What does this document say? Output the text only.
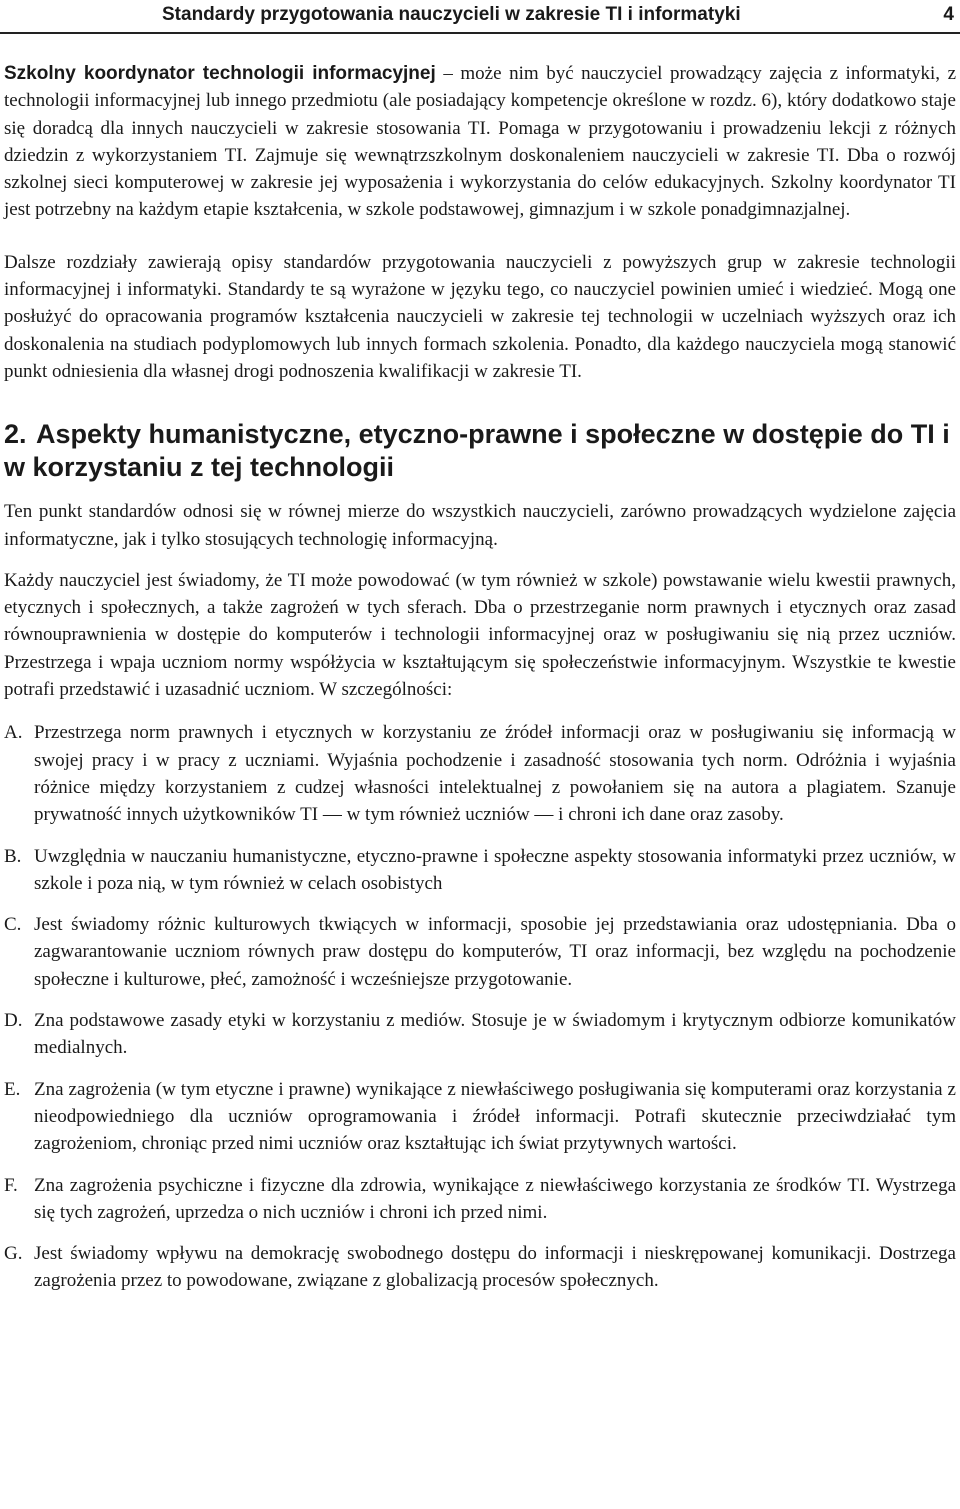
Standardy przygotowania nauczycieli w zakresie TI i informatyki	4

Szkolny koordynator technologii informacyjnej – może nim być nauczyciel prowadzący zajęcia z informatyki, z technologii informacyjnej lub innego przedmiotu (ale posiadający kompetencje określone w rozdz. 6), który dodatkowo staje się doradcą dla innych nauczycieli w zakresie stosowania TI. Pomaga w przygotowaniu i prowadzeniu lekcji z różnych dziedzin z wykorzystaniem TI. Zajmuje się wewnątrzszkolnym doskonaleniem nauczycieli w zakresie TI. Dba o rozwój szkolnej sieci komputerowej w zakresie jej wyposażenia i wykorzystania do celów edukacyjnych. Szkolny koordynator TI jest potrzebny na każdym etapie kształcenia, w szkole podstawowej, gimnazjum i w szkole ponadgimnazjalnej.

Dalsze rozdziały zawierają opisy standardów przygotowania nauczycieli z powyższych grup w zakresie technologii informacyjnej i informatyki. Standardy te są wyrażone w języku tego, co nauczyciel powinien umieć i wiedzieć. Mogą one posłużyć do opracowania programów kształcenia nauczycieli w zakresie tej technologii w uczelniach wyższych oraz ich doskonalenia na studiach podyplomowych lub innych formach szkolenia. Ponadto, dla każdego nauczyciela mogą stanowić punkt odniesienia dla własnej drogi podnoszenia kwalifikacji w zakresie TI.

2. Aspekty humanistyczne, etyczno-prawne i społeczne w dostępie do TI i w korzystaniu z tej technologii

Ten punkt standardów odnosi się w równej mierze do wszystkich nauczycieli, zarówno prowadzących wydzielone zajęcia informatyczne, jak i tylko stosujących technologię informacyjną.

Każdy nauczyciel jest świadomy, że TI może powodować (w tym również w szkole) powstawanie wielu kwestii prawnych, etycznych i społecznych, a także zagrożeń w tych sferach. Dba o przestrzeganie norm prawnych i etycznych oraz zasad równouprawnienia w dostępie do komputerów i technologii informacyjnej oraz w posługiwaniu się nią przez uczniów. Przestrzega i wpaja uczniom normy współżycia w kształtującym się społeczeństwie informacyjnym. Wszystkie te kwestie potrafi przedstawić i uzasadnić uczniom. W szczególności:

A. Przestrzega norm prawnych i etycznych w korzystaniu ze źródeł informacji oraz w posługiwaniu się informacją w swojej pracy i w pracy z uczniami. Wyjaśnia pochodzenie i zasadność stosowania tych norm. Odróżnia i wyjaśnia różnice między korzystaniem z cudzej własności intelektualnej z powołaniem się na autora a plagiatem. Szanuje prywatność innych użytkowników TI — w tym również uczniów — i chroni ich dane oraz zasoby.
B. Uwzględnia w nauczaniu humanistyczne, etyczno-prawne i społeczne aspekty stosowania informatyki przez uczniów, w szkole i poza nią, w tym również w celach osobistych
C. Jest świadomy różnic kulturowych tkwiących w informacji, sposobie jej przedstawiania oraz udostępniania. Dba o zagwarantowanie uczniom równych praw dostępu do komputerów, TI oraz informacji, bez względu na pochodzenie społeczne i kulturowe, płeć, zamożność i wcześniejsze przygotowanie.
D. Zna podstawowe zasady etyki w korzystaniu z mediów. Stosuje je w świadomym i krytycznym odbiorze komunikatów medialnych.
E. Zna zagrożenia (w tym etyczne i prawne) wynikające z niewłaściwego posługiwania się komputerami oraz korzystania z nieodpowiedniego dla uczniów oprogramowania i źródeł informacji. Potrafi skutecznie przeciwdziałać tym zagrożeniom, chroniąc przed nimi uczniów oraz kształtując ich świat przytywnych wartości.
F. Zna zagrożenia psychiczne i fizyczne dla zdrowia, wynikające z niewłaściwego korzystania ze środków TI. Wystrzega się tych zagrożeń, uprzedza o nich uczniów i chroni ich przed nimi.
G. Jest świadomy wpływu na demokrację swobodnego dostępu do informacji i nieskrępowanej komunikacji. Dostrzega zagrożenia przez to powodowane, związane z globalizacją procesów społecznych.
